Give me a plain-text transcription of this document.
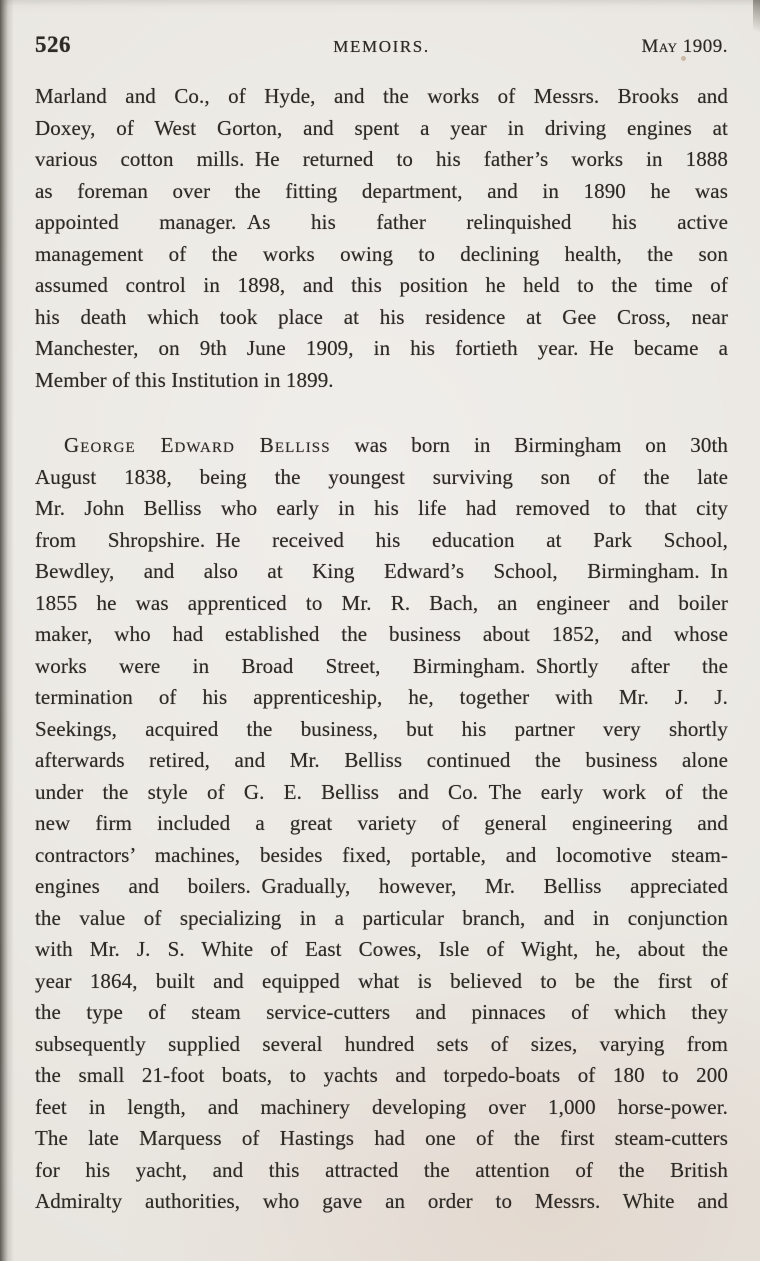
526	MEMOIRS.	May 1909.
Marland and Co., of Hyde, and the works of Messrs. Brooks and
Doxey, of West Gorton, and spent a year in driving engines at
various cotton mills. He returned to his father’s works in 1888
as foreman over the fitting department, and in 1890 he was
appointed manager. As his father relinquished his active
management of the works owing to declining health, the son
assumed control in 1898, and this position he held to the time of
his death which took place at his residence at Gee Cross, near
Manchester, on 9th June 1909, in his fortieth year. He became a
Member of this Institution in 1899.
George Edward Belliss was born in Birmingham on 30th
August 1838, being the youngest surviving son of the late
Mr. John Belliss who early in his life had removed to that city
from Shropshire. He received his education at Park School,
Bewdley, and also at King Edward’s School, Birmingham. In
1855 he was apprenticed to Mr. R. Bach, an engineer and boiler
maker, who had established the business about 1852, and whose
works were in Broad Street, Birmingham. Shortly after the
termination of his apprenticeship, he, together with Mr. J. J.
Seekings, acquired the business, but his partner very shortly
afterwards retired, and Mr. Belliss continued the business alone
under the style of G. E. Belliss and Co. The early work of the
new firm included a great variety of general engineering and
contractors’ machines, besides fixed, portable, and locomotive steam-
engines and boilers. Gradually, however, Mr. Belliss appreciated
the value of specializing in a particular branch, and in conjunction
with Mr. J. S. White of East Cowes, Isle of Wight, he, about the
year 1864, built and equipped what is believed to be the first of
the type of steam service-cutters and pinnaces of which they
subsequently supplied several hundred sets of sizes, varying from
the small 21-foot boats, to yachts and torpedo-boats of 180 to 200
feet in length, and machinery developing over 1,000 horse-power.
The late Marquess of Hastings had one of the first steam-cutters
for his yacht, and this attracted the attention of the British
Admiralty authorities, who gave an order to Messrs. White and
